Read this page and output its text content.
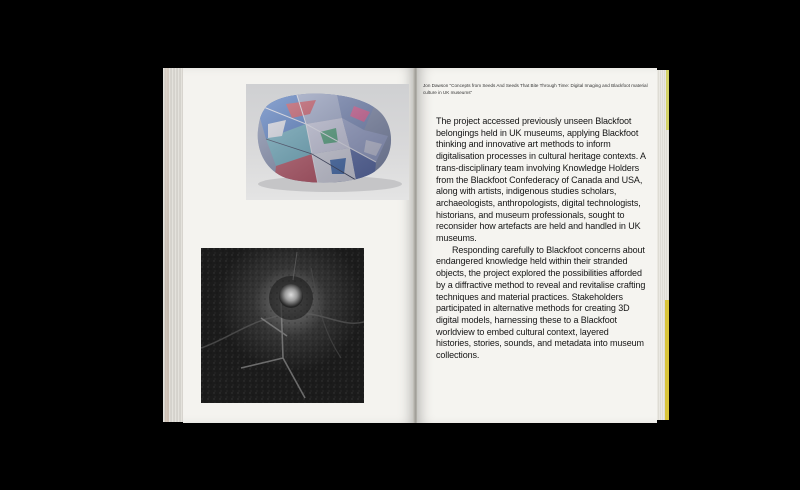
Jon Dawson "Concepts from Seeds And Seeds That Bite Through Time: Digital Imaging and Blackfoot material culture in UK museums"

The project accessed previously unseen Blackfoot belongings held in UK museums, applying Blackfoot thinking and innovative art methods to inform digitalisation processes in cultural heritage contexts. A trans-disciplinary team involving Knowledge Holders from the Blackfoot Confederacy of Canada and USA, along with artists, indigenous studies scholars, archaeologists, anthropologists, digital technologists, historians, and museum professionals, sought to reconsider how artefacts are held and handled in UK museums.

Responding carefully to Blackfoot concerns about endangered knowledge held within their stranded objects, the project explored the possibilities afforded by a diffractive method to reveal and revitalise crafting techniques and material practices. Stakeholders participated in alternative methods for creating 3D digital models, harnessing these to a Blackfoot worldview to embed cultural context, layered histories, stories, sounds, and metadata into museum collections.
